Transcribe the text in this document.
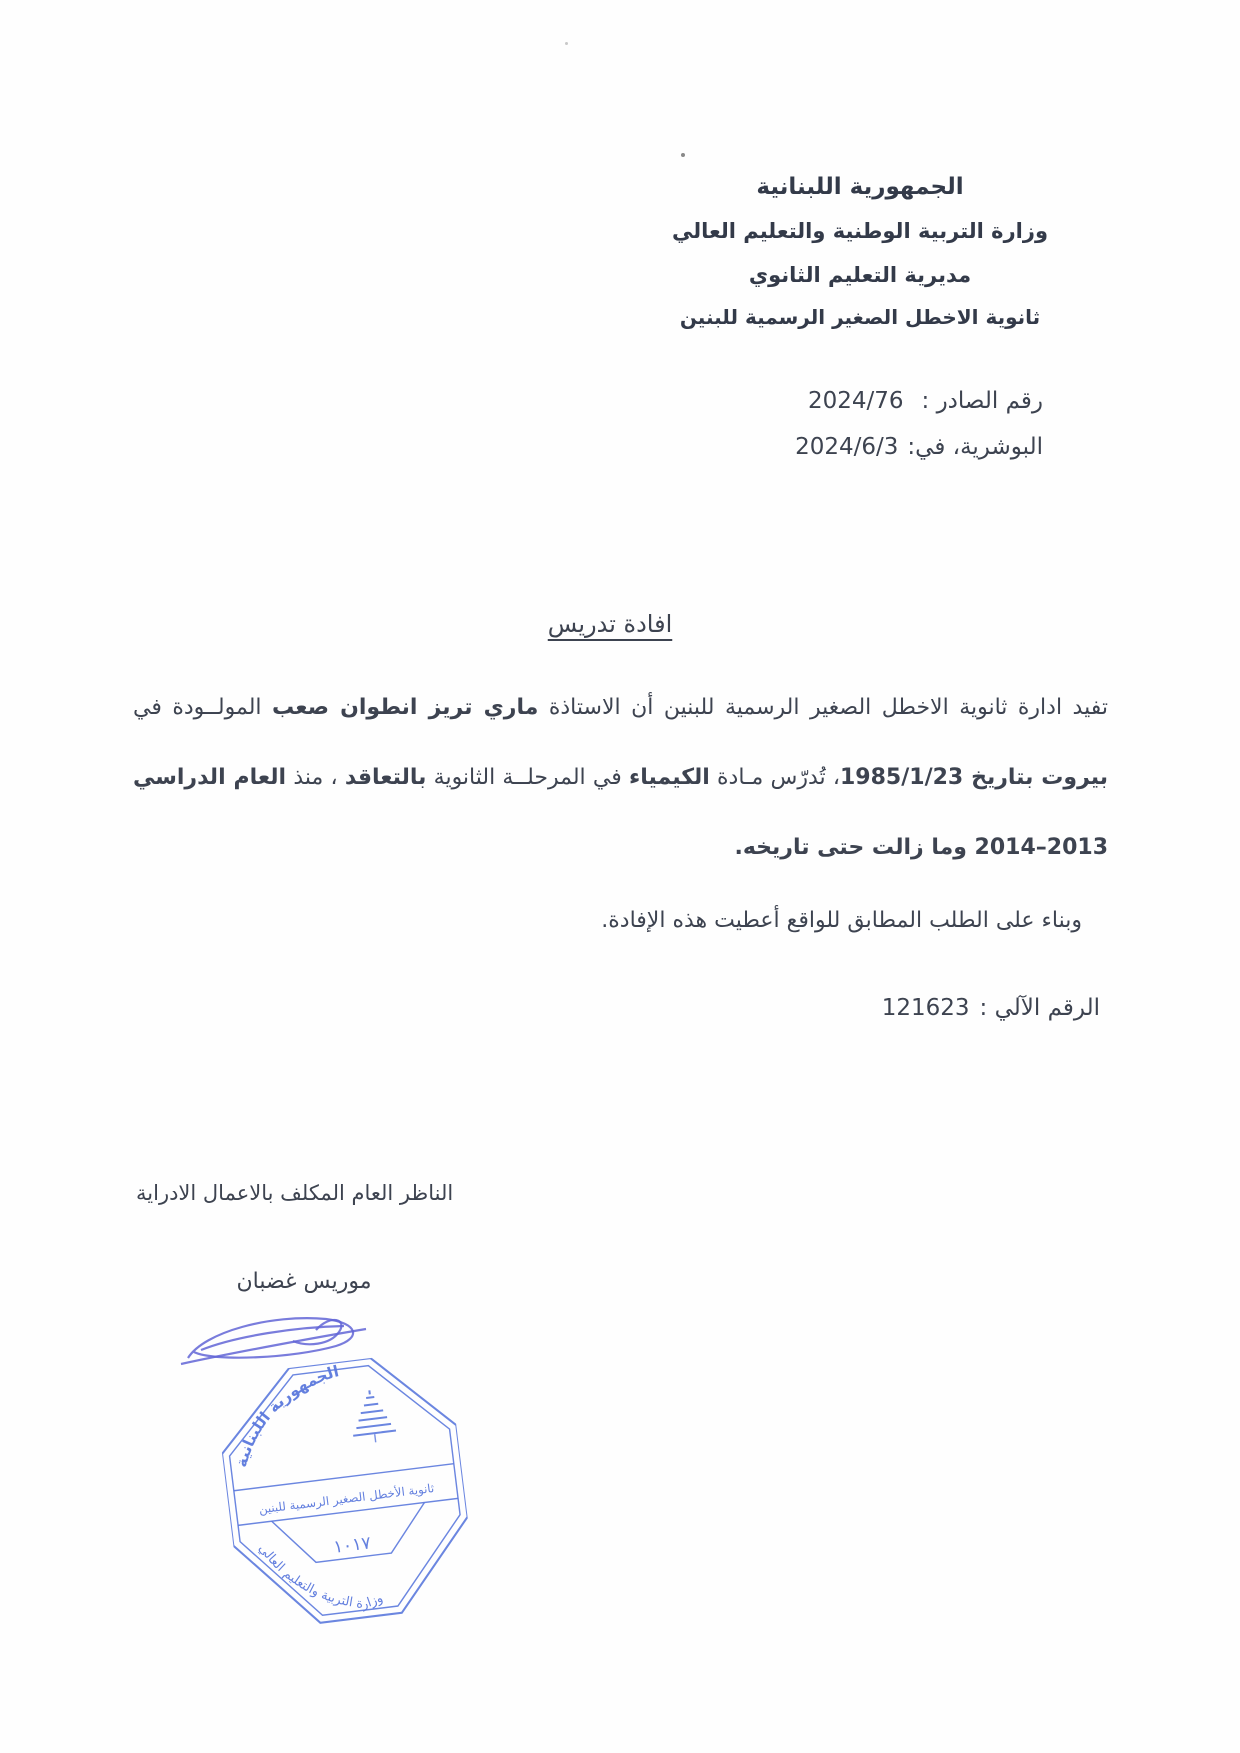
الجمهورية اللبنانية
وزارة التربية الوطنية والتعليم العالي
مديرية التعليم الثانوي
ثانوية الاخطل الصغير الرسمية للبنين
رقم الصادر :2024/76
البوشرية، في:2024/6/3
افادة تدريس
تفيد ادارة ثانوية الاخطل الصغير الرسمية للبنين أن الاستاذة ماري تريز انطوان صعب المولــودة في
بيروت بتاريخ 1985/1/23، تُدرّس مـادة الكيمياء في المرحلــة الثانوية بالتعاقد ، منذ العام الدراسي
2013–2014 وما زالت حتى تاريخه.
وبناء على الطلب المطابق للواقع أعطيت هذه الإفادة.
الرقم الآلي :121623
الناظر العام المكلف بالاعمال الادراية
موريس غضبان
الجمهورية اللبنانية
ثانوية الأخطل الصغير الرسمية للبنين
١٠١٧
وزارة التربية والتعليم العالي
